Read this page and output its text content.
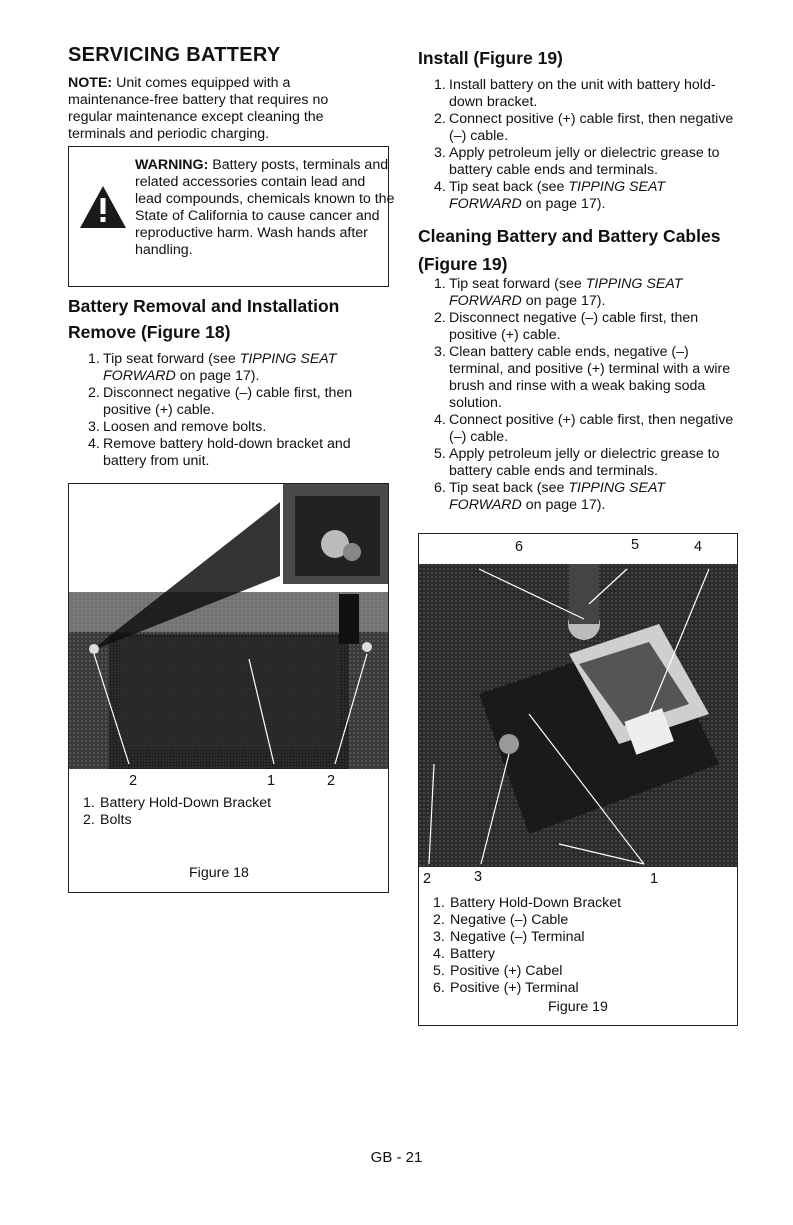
SERVICING BATTERY
NOTE: Unit comes equipped with a maintenance-free battery that requires no regular maintenance except cleaning the terminals and periodic charging.
WARNING: Battery posts, terminals and related accessories contain lead and lead compounds, chemicals known to the State of California to cause cancer and reproductive harm. Wash hands after handling.
Battery Removal and Installation
Remove (Figure 18)
1. Tip seat forward (see TIPPING SEAT FORWARD on page 17).
2. Disconnect negative (–) cable first, then positive (+) cable.
3. Loosen and remove bolts.
4. Remove battery hold-down bracket and battery from unit.
2	1	2
1. Battery Hold-Down Bracket
2. Bolts
Figure 18
Install (Figure 19)
1. Install battery on the unit with battery hold-down bracket.
2. Connect positive (+) cable first, then negative (–) cable.
3. Apply petroleum jelly or dielectric grease to battery cable ends and terminals.
4. Tip seat back (see TIPPING SEAT FORWARD on page 17).
Cleaning Battery and Battery Cables (Figure 19)
1. Tip seat forward (see TIPPING SEAT FORWARD on page 17).
2. Disconnect negative (–) cable first, then positive (+) cable.
3. Clean battery cable ends, negative (–) terminal, and positive (+) terminal with a wire brush and rinse with a weak baking soda solution.
4. Connect positive (+) cable first, then negative (–) cable.
5. Apply petroleum jelly or dielectric grease to battery cable ends and terminals.
6. Tip seat back (see TIPPING SEAT FORWARD on page 17).
6	5	4
2	3	1
1. Battery Hold-Down Bracket
2. Negative (–) Cable
3. Negative (–) Terminal
4. Battery
5. Positive (+) Cabel
6. Positive (+) Terminal
Figure 19
GB - 21
